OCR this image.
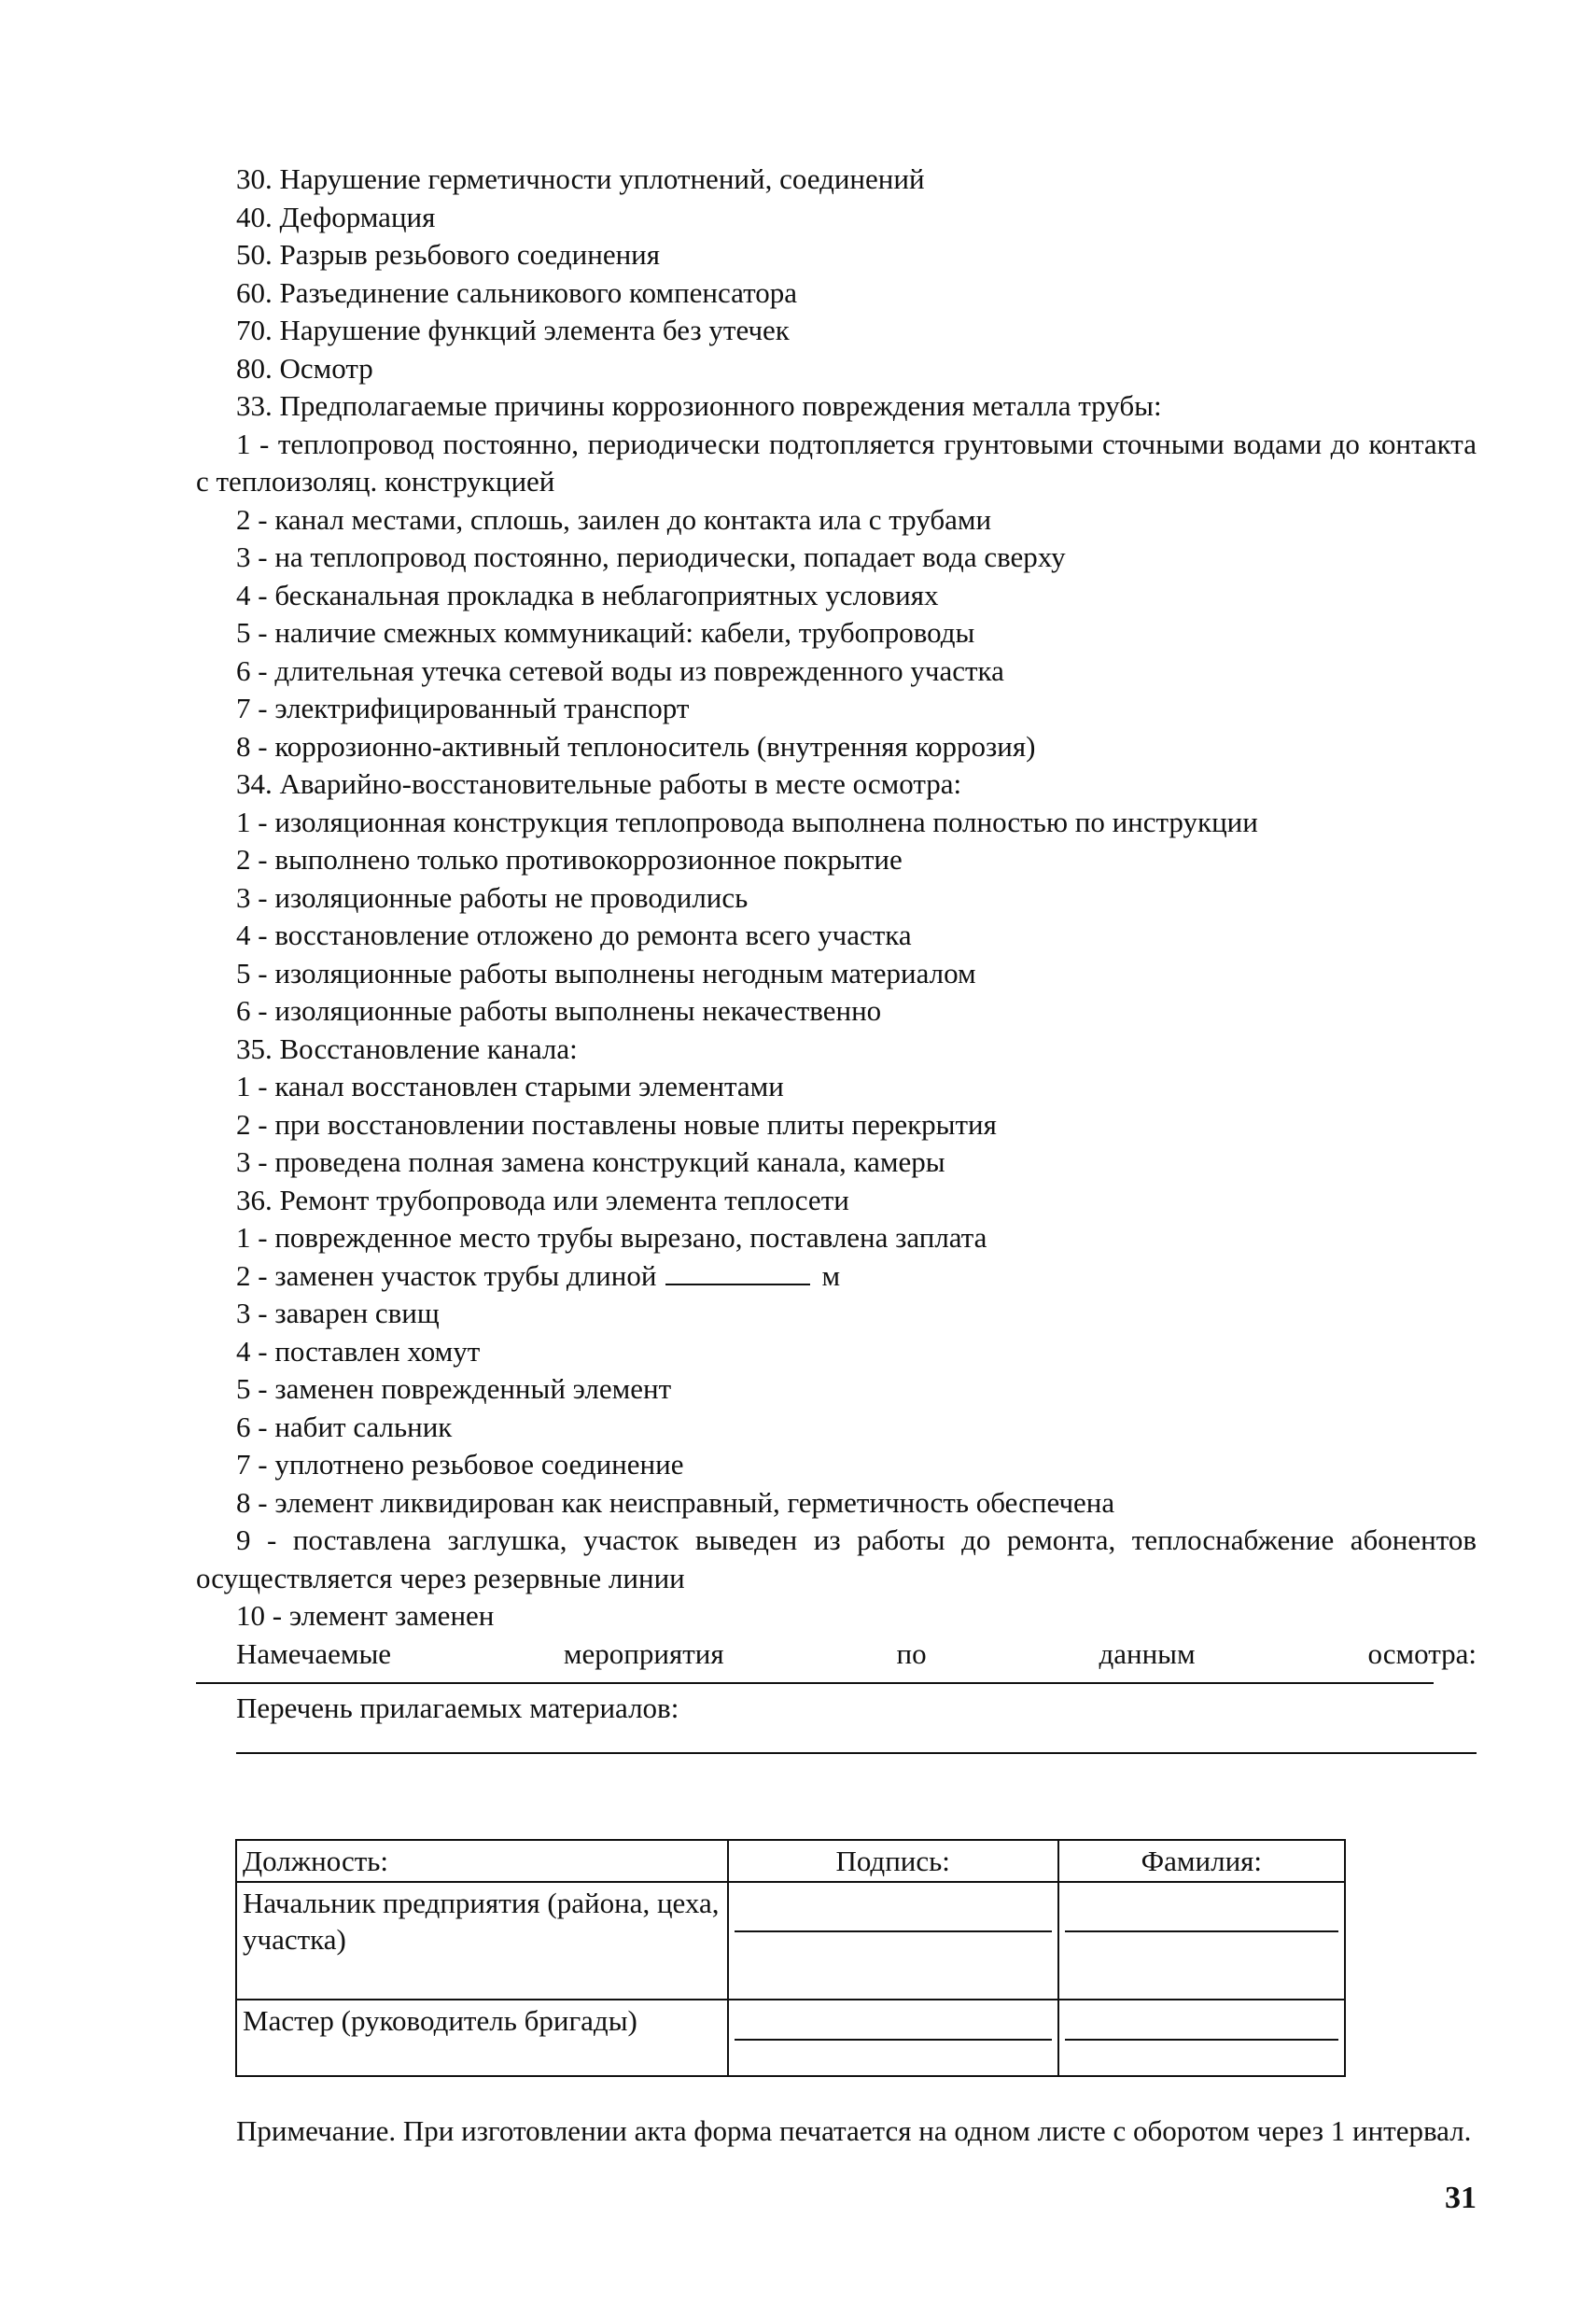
30. Нарушение герметичности уплотнений, соединений
40. Деформация
50. Разрыв резьбового соединения
60. Разъединение сальникового компенсатора
70. Нарушение функций элемента без утечек
80. Осмотр
33. Предполагаемые причины коррозионного повреждения металла трубы:
1 - теплопровод постоянно, периодически подтопляется грунтовыми сточными водами до контакта с теплоизоляц. конструкцией
2 - канал местами, сплошь, заилен до контакта ила с трубами
3 - на теплопровод постоянно, периодически, попадает вода сверху
4 - бесканальная прокладка в неблагоприятных условиях
5 - наличие смежных коммуникаций: кабели, трубопроводы
6 - длительная утечка сетевой воды из поврежденного участка
7 - электрифицированный транспорт
8 - коррозионно-активный теплоноситель (внутренняя коррозия)
34. Аварийно-восстановительные работы в месте осмотра:
1 - изоляционная конструкция теплопровода выполнена полностью по инструкции
2 - выполнено только противокоррозионное покрытие
3 - изоляционные работы не проводились
4 - восстановление отложено до ремонта всего участка
5 - изоляционные работы выполнены негодным материалом
6 - изоляционные работы выполнены некачественно
35. Восстановление канала:
1 - канал восстановлен старыми элементами
2 - при восстановлении поставлены новые плиты перекрытия
3 - проведена полная замена конструкций канала, камеры
36. Ремонт трубопровода или элемента теплосети
1 - поврежденное место трубы вырезано, поставлена заплата
2 - заменен участок трубы длиной	м
3 - заварен свищ
4 - поставлен хомут
5 - заменен поврежденный элемент
6 - набит сальник
7 - уплотнено резьбовое соединение
8 - элемент ликвидирован как неисправный, герметичность обеспечена
9 - поставлена заглушка, участок выведен из работы до ремонта, теплоснабжение абонентов осуществляется через резервные линии
10 - элемент заменен
Намечаемые мероприятия по данным осмотра:
Перечень прилагаемых материалов:
Должность:	Подпись:	Фамилия:
Начальник предприятия (района, цеха, участка)	

Мастер (руководитель бригады)	

Примечание. При изготовлении акта форма печатается на одном листе с оборотом через 1 интервал.
31
